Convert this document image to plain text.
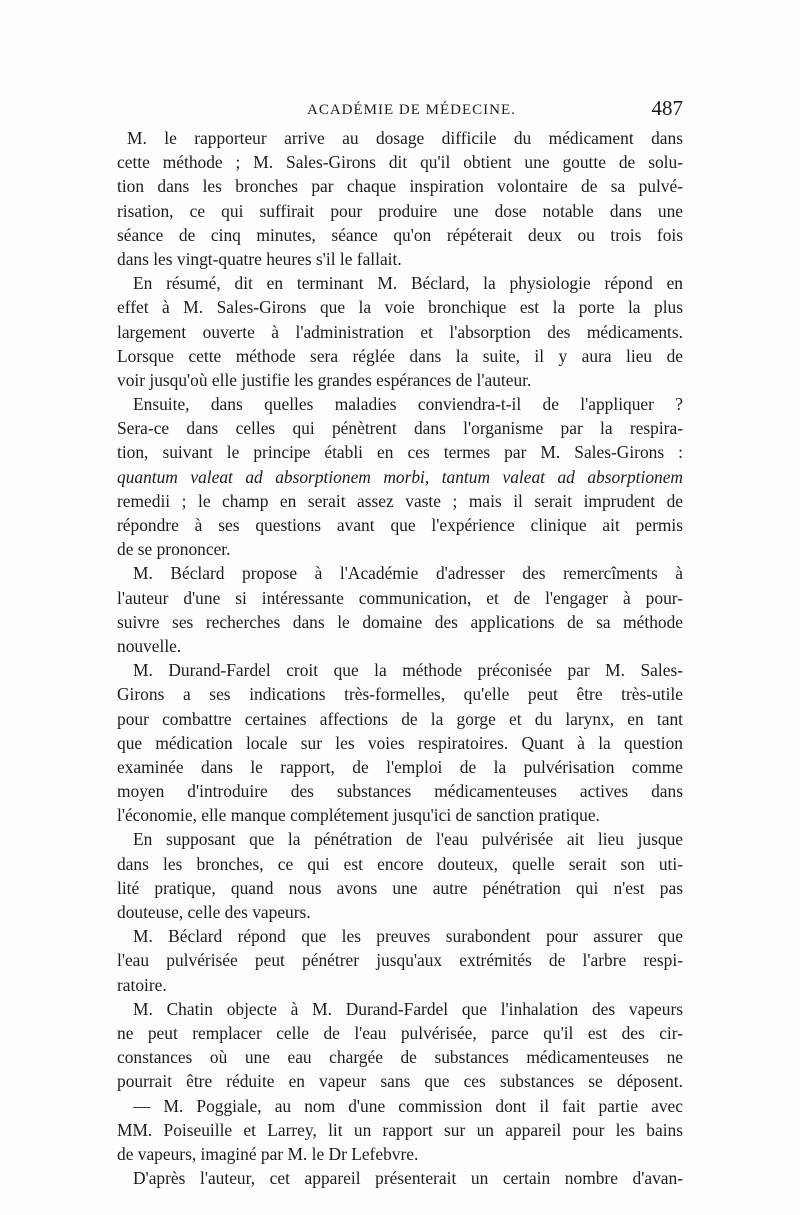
ACADÉMIE DE MÉDECINE.	487
M. le rapporteur arrive au dosage difficile du médicament dans
cette méthode ; M. Sales-Girons dit qu'il obtient une goutte de solu-
tion dans les bronches par chaque inspiration volontaire de sa pulvé-
risation, ce qui suffirait pour produire une dose notable dans une
séance de cinq minutes, séance qu'on répéterait deux ou trois fois
dans les vingt-quatre heures s'il le fallait.
En résumé, dit en terminant M. Béclard, la physiologie répond en
effet à M. Sales-Girons que la voie bronchique est la porte la plus
largement ouverte à l'administration et l'absorption des médicaments.
Lorsque cette méthode sera réglée dans la suite, il y aura lieu de
voir jusqu'où elle justifie les grandes espérances de l'auteur.
Ensuite, dans quelles maladies conviendra-t-il de l'appliquer ?
Sera-ce dans celles qui pénètrent dans l'organisme par la respira-
tion, suivant le principe établi en ces termes par M. Sales-Girons :
quantum valeat ad absorptionem morbi, tantum valeat ad absorptionem
remedii ; le champ en serait assez vaste ; mais il serait imprudent de
répondre à ses questions avant que l'expérience clinique ait permis
de se prononcer.
M. Béclard propose à l'Académie d'adresser des remercîments à
l'auteur d'une si intéressante communication, et de l'engager à pour-
suivre ses recherches dans le domaine des applications de sa méthode
nouvelle.
M. Durand-Fardel croit que la méthode préconisée par M. Sales-
Girons a ses indications très-formelles, qu'elle peut être très-utile
pour combattre certaines affections de la gorge et du larynx, en tant
que médication locale sur les voies respiratoires. Quant à la question
examinée dans le rapport, de l'emploi de la pulvérisation comme
moyen d'introduire des substances médicamenteuses actives dans
l'économie, elle manque complétement jusqu'ici de sanction pratique.
En supposant que la pénétration de l'eau pulvérisée ait lieu jusque
dans les bronches, ce qui est encore douteux, quelle serait son uti-
lité pratique, quand nous avons une autre pénétration qui n'est pas
douteuse, celle des vapeurs.
M. Béclard répond que les preuves surabondent pour assurer que
l'eau pulvérisée peut pénétrer jusqu'aux extrémités de l'arbre respi-
ratoire.
M. Chatin objecte à M. Durand-Fardel que l'inhalation des vapeurs
ne peut remplacer celle de l'eau pulvérisée, parce qu'il est des cir-
constances où une eau chargée de substances médicamenteuses ne
pourrait être réduite en vapeur sans que ces substances se déposent.
— M. Poggiale, au nom d'une commission dont il fait partie avec
MM. Poiseuille et Larrey, lit un rapport sur un appareil pour les bains
de vapeurs, imaginé par M. le Dr Lefebvre.
D'après l'auteur, cet appareil présenterait un certain nombre d'avan-
